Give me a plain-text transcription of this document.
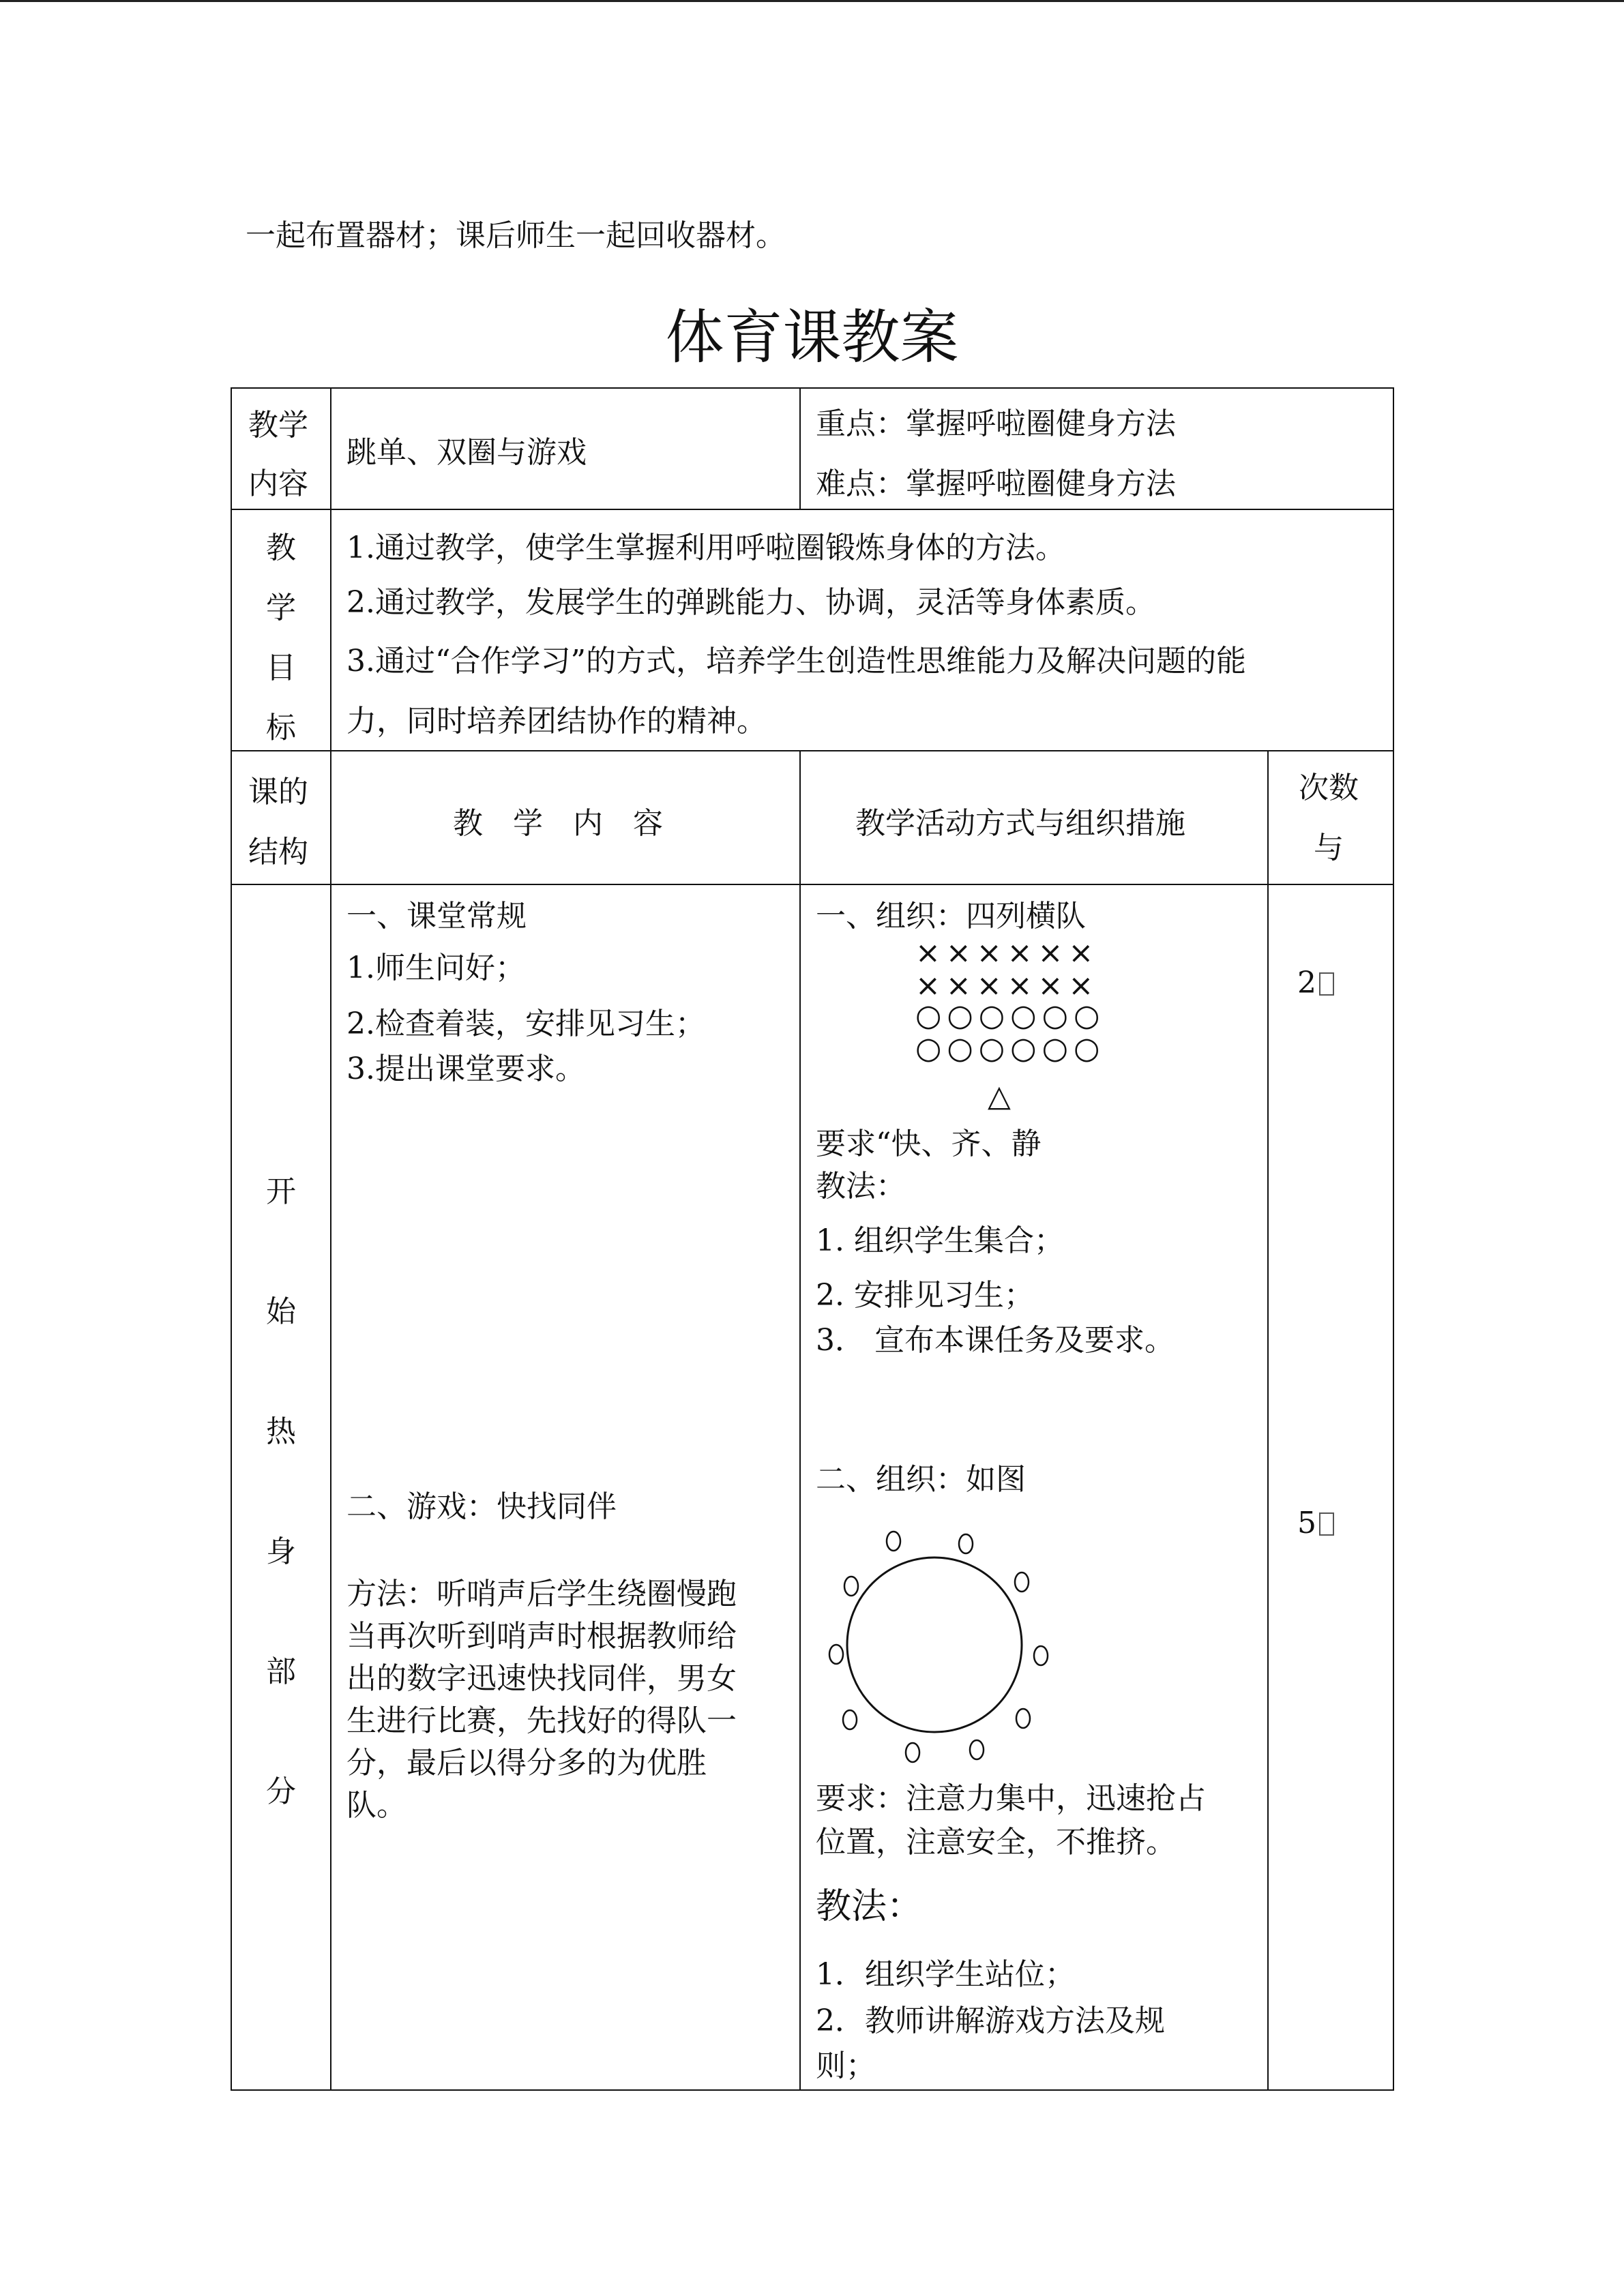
一起布置器材；课后师生一起回收器材。
体育课教案
教学
内容
跳单、双圈与游戏
重点：掌握呼啦圈健身方法
难点：掌握呼啦圈健身方法
教
学
目
标
1.通过教学，使学生掌握利用呼啦圈锻炼身体的方法。
2.通过教学，发展学生的弹跳能力、协调，灵活等身体素质。
3.通过“合作学习”的方式，培养学生创造性思维能力及解决问题的能
力，同时培养团结协作的精神。
课的
结构
教　学　内　容	教学活动方式与组织措施
次数
与
开
始
热
身
部
分
一、课堂常规
1.师生问好；
2.检查着装，安排见习生；
3.提出课堂要求。
二、游戏：快找同伴
方法：听哨声后学生绕圈慢跑
当再次听到哨声时根据教师给
出的数字迅速快找同伴，男女
生进行比赛，先找好的得队一
分，最后以得分多的为优胜
队。
一、组织：四列横队
××××××
××××××
○○○○○○
○○○○○○
△
要求“快、齐、静
教法：
1. 组织学生集合；
2. 安排见习生；
3． 宣布本课任务及要求。
二、组织：如图
要求：注意力集中，迅速抢占
位置，注意安全，不推挤。
教法：
1．组织学生站位；
2．教师讲解游戏方法及规
则；
2
5
